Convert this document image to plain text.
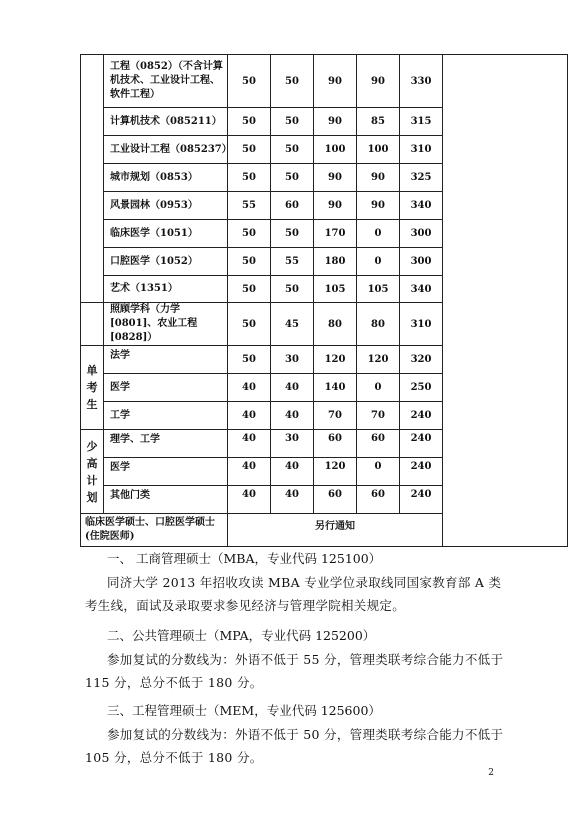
	工程（0852）（不含计算机技术、工业设计工程、软件工程）	50	50	90	90	330	
	计算机技术（085211）	50	50	90	85	315	
	工业设计工程（085237）	50	50	100	100	310	
	城市规划（0853）	50	50	90	90	325	
	风景园林（0953）	55	60	90	90	340	
	临床医学（1051）	50	50	170	0	300	
	口腔医学（1052）	50	55	180	0	300	
	艺术（1351）	50	50	105	105	340	
	照顾学科（力学[0801]、农业工程[0828]）	50	45	80	80	310	
单考生	法学	50	30	120	120	320	
	医学	40	40	140	0	250	
	工学	40	40	70	70	240	
少高计划	理学、工学	40	30	60	60	240	
	医学	40	40	120	0	240	
	其他门类	40	40	60	60	240	
临床医学硕士、口腔医学硕士(住院医师)		另行通知					
一、 工商管理硕士（MBA，专业代码 125100）
同济大学 2013 年招收攻读 MBA 专业学位录取线同国家教育部 A 类考生线，面试及录取要求参见经济与管理学院相关规定。
二、公共管理硕士（MPA，专业代码 125200）
参加复试的分数线为：外语不低于 55 分，管理类联考综合能力不低于 115 分，总分不低于 180 分。
三、工程管理硕士（MEM，专业代码 125600）
参加复试的分数线为：外语不低于 50 分，管理类联考综合能力不低于 105 分，总分不低于 180 分。
2
